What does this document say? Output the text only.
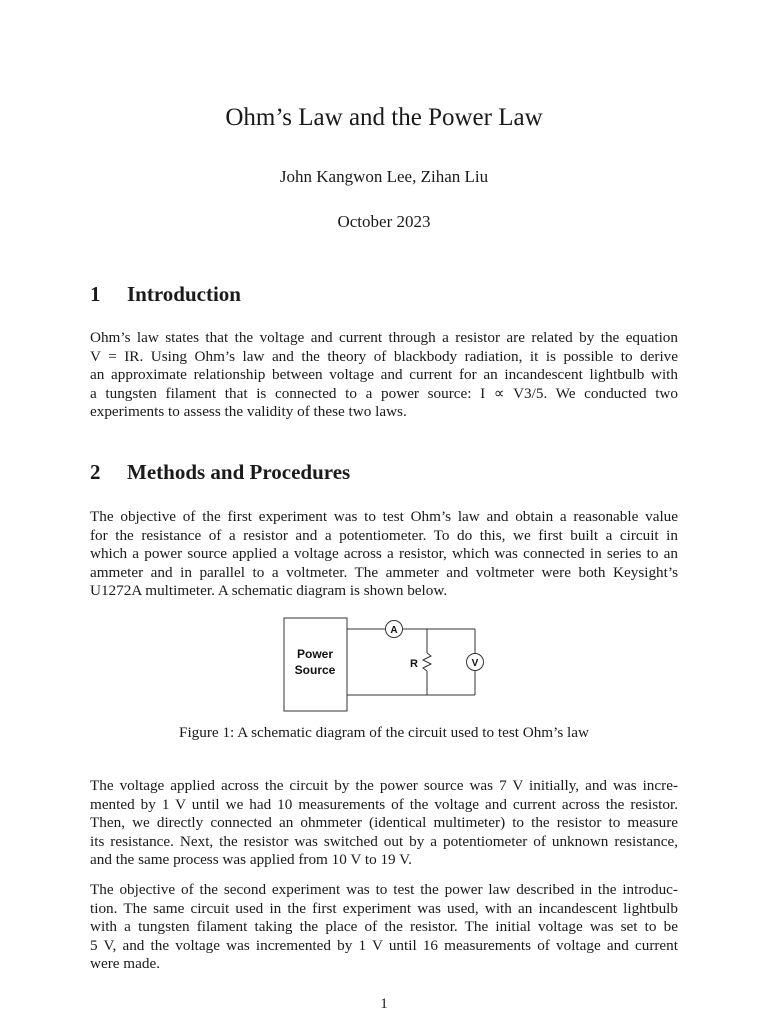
Ohm’s Law and the Power Law
John Kangwon Lee, Zihan Liu
October 2023
1 Introduction
Ohm’s law states that the voltage and current through a resistor are related by the equation
V = IR. Using Ohm’s law and the theory of blackbody radiation, it is possible to derive
an approximate relationship between voltage and current for an incandescent lightbulb with
a tungsten filament that is connected to a power source: I ∝ V3/5. We conducted two
experiments to assess the validity of these two laws.
2 Methods and Procedures
The objective of the first experiment was to test Ohm’s law and obtain a reasonable value
for the resistance of a resistor and a potentiometer. To do this, we first built a circuit in
which a power source applied a voltage across a resistor, which was connected in series to an
ammeter and in parallel to a voltmeter. The ammeter and voltmeter were both Keysight’s
U1272A multimeter. A schematic diagram is shown below.
Power
Source
A
R	V
Figure 1: A schematic diagram of the circuit used to test Ohm’s law
The voltage applied across the circuit by the power source was 7 V initially, and was incre-
mented by 1 V until we had 10 measurements of the voltage and current across the resistor.
Then, we directly connected an ohmmeter (identical multimeter) to the resistor to measure
its resistance. Next, the resistor was switched out by a potentiometer of unknown resistance,
and the same process was applied from 10 V to 19 V.
The objective of the second experiment was to test the power law described in the introduc-
tion. The same circuit used in the first experiment was used, with an incandescent lightbulb
with a tungsten filament taking the place of the resistor. The initial voltage was set to be
5 V, and the voltage was incremented by 1 V until 16 measurements of voltage and current
were made.
1
